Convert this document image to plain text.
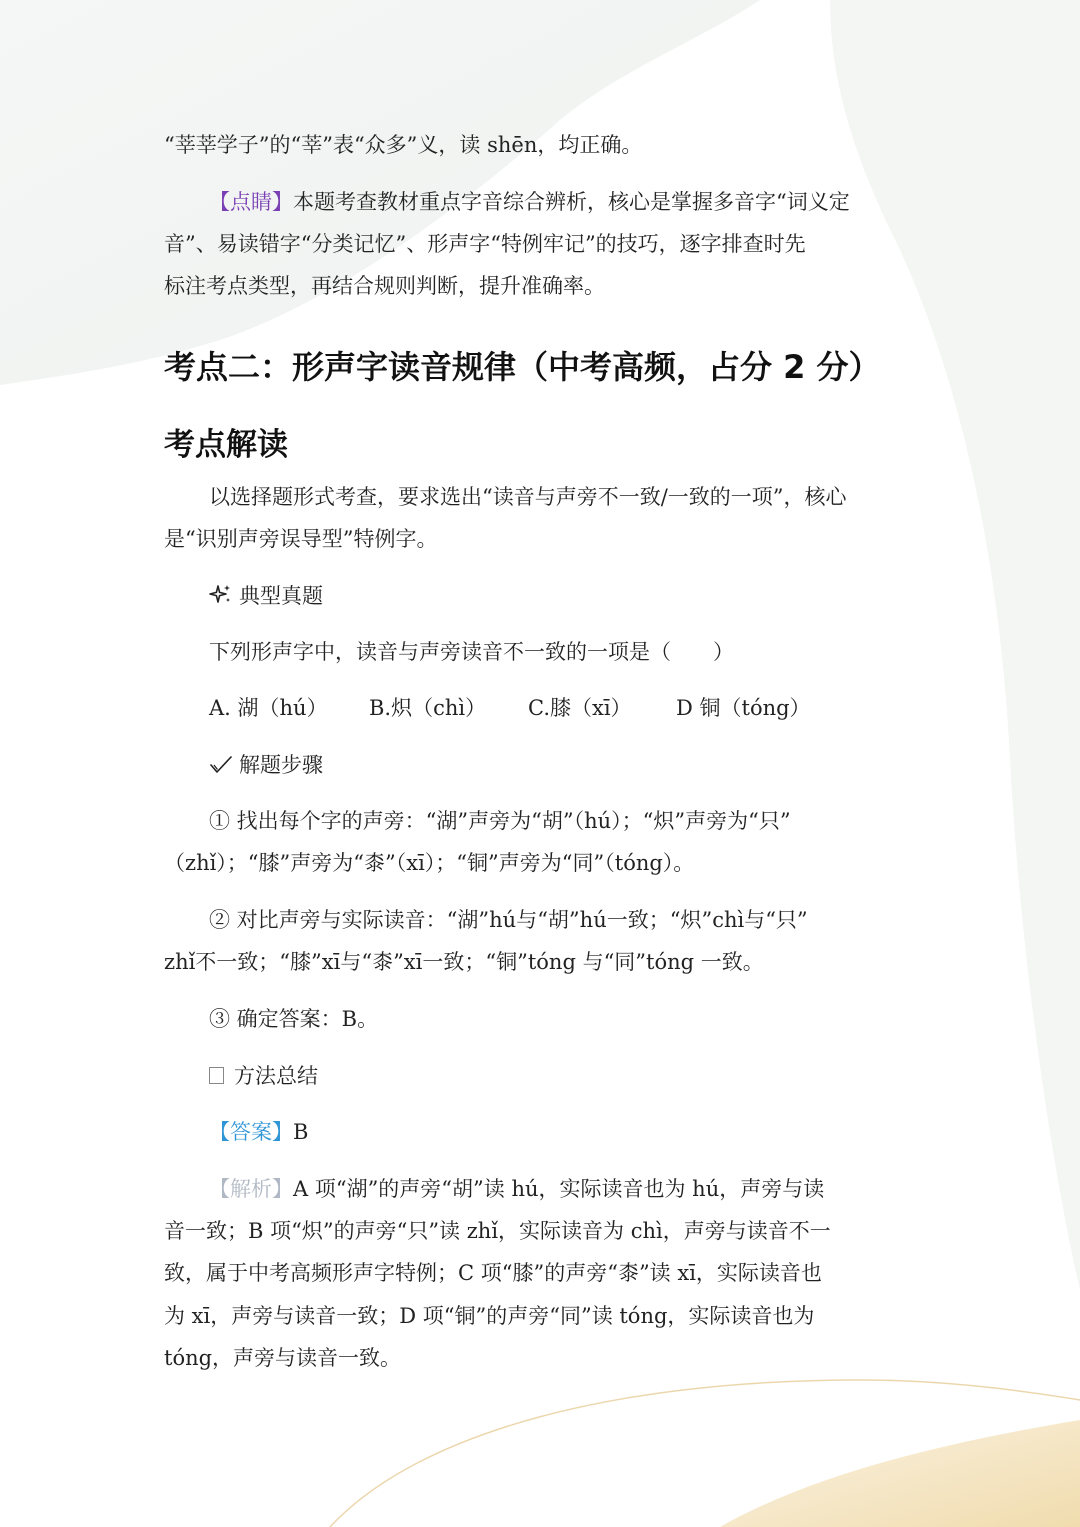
“莘莘学子”的“莘”表“众多”义，读 shēn，均正确。
【点睛】本题考查教材重点字音综合辨析，核心是掌握多音字“词义定
音”、易读错字“分类记忆”、形声字“特例牢记”的技巧，逐字排查时先
标注考点类型，再结合规则判断，提升准确率。
考点二：形声字读音规律（中考高频，占分 2 分）
考点解读
以选择题形式考查，要求选出“读音与声旁不一致/一致的一项”，核心
是“识别声旁误导型”特例字。
典型真题
下列形声字中，读音与声旁读音不一致的一项是（　　）
A. 湖（hú） B.炽（chì） C.膝（xī） D 铜（tóng）
解题步骤
① 找出每个字的声旁：“湖”声旁为“胡”（hú）；“炽”声旁为“只”
（zhǐ）；“膝”声旁为“桼”（xī）；“铜”声旁为“同”（tóng）。
② 对比声旁与实际读音：“湖”hú与“胡”hú一致；“炽”chì与“只”
zhǐ不一致；“膝”xī与“桼”xī一致；“铜”tóng 与“同”tóng 一致。
③ 确定答案：B。
方法总结
【答案】B
【解析】A 项“湖”的声旁“胡”读 hú，实际读音也为 hú，声旁与读
音一致；B 项“炽”的声旁“只”读 zhǐ，实际读音为 chì，声旁与读音不一
致，属于中考高频形声字特例；C 项“膝”的声旁“桼”读 xī，实际读音也
为 xī，声旁与读音一致；D 项“铜”的声旁“同”读 tóng，实际读音也为
tóng，声旁与读音一致。
